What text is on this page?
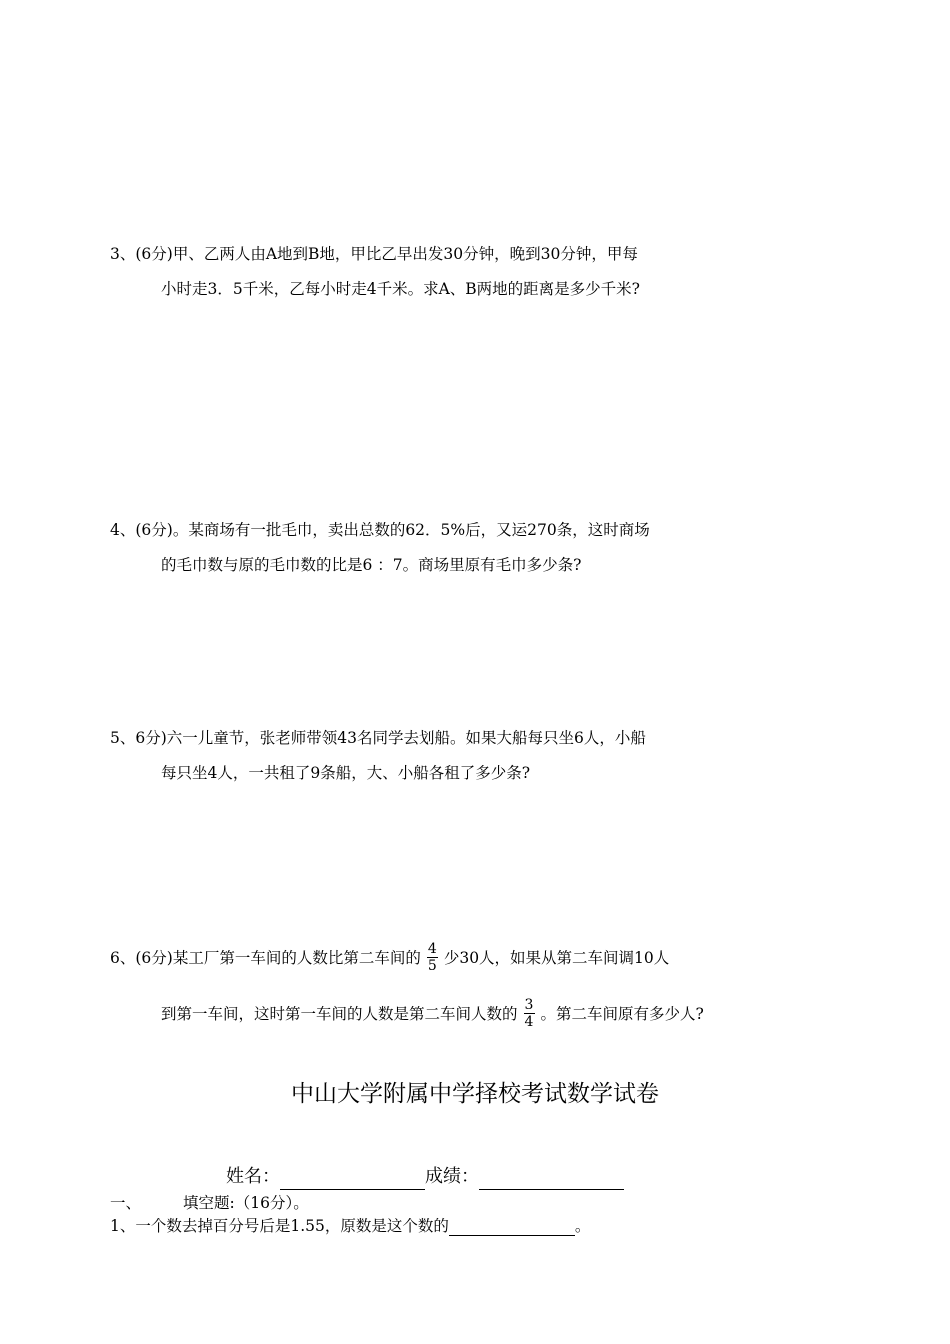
3、(6分)甲、乙两人由A地到B地，甲比乙早出发30分钟，晚到30分钟，甲每
小时走3．5千米，乙每小时走4千米。求A、B两地的距离是多少千米?
4、(6分)。某商场有一批毛巾，卖出总数的62．5%后，又运270条，这时商场
的毛巾数与原的毛巾数的比是6 ：7。商场里原有毛巾多少条?
5、6分)六一儿童节，张老师带领43名同学去划船。如果大船每只坐6人，小船
每只坐4人，一共租了9条船，大、小船各租了多少条?
6、(6分)某工厂第一车间的人数比第二车间的 $\frac{4}{5}$ 少30人，如果从第二车间调10人
到第一车间，这时第一车间的人数是第二车间人数的 $\frac{3}{4}$ 。第二车间原有多少人?
中山大学附属中学择校考试数学试卷
姓名：	成绩：
一、	填空题:（16分）。
1、一个数去掉百分号后是1.55，原数是这个数的	。
